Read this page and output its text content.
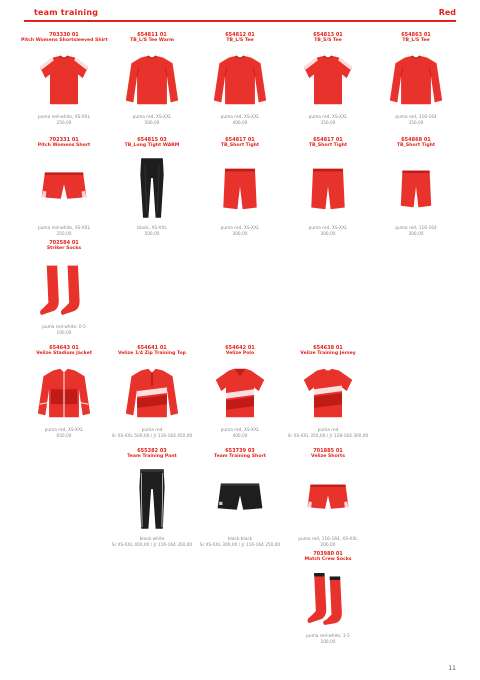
team training	Red
703330 01
Pitch Womens Shortsleeved Shirt
puma red-white, XS-XXL
250,00
654811 01
TB_L/S Tee Warm
puma red, XS-XXL
500,00
654812 01
TB_L/S Tee
puma red, XS-XXL
400,00
654813 01
TB_S/S Tee
puma red, XS-XXL
350,00
654863 01
TB_L/S Tee
puma red, 116-164
350,00
702331 01
Pitch Womens Short
puma red-white, XS-XXL
250,00
654815 03
TB_Long Tight WARM
black, XS-XXL
500,00
654817 01
TB_Short Tight
puma red, XS-XXL
300,00
654817 01
TB_Short Tight
puma red, XS-XXL
300,00
654868 01
TB_Short Tight
puma red, 116-164
300,00
702584 01
Striker Socks
puma red-white, 0-5
100,00
654643 01
Velize Stadium Jacket
puma red, XS-XXL
650,00
654641 01
Velize 1/4 Zip Training Top
puma red
Sr XS-XXL 500,00 / Jr 116-164 450,00
654642 01
Velize Polo
puma red, XS-XXL
400,00
654638 01
Velize Training Jersey
puma red
Sr XS-XXL 350,00 / Jr 128-164 300,00
655382 03
Team Training Pant
black-white
Sr XS-XXL 400,00 / Jr 116-164 350,00
653739 03
Team Training Short
black-black
Sr XS-XXL 300,00 / Jr 116-164 250,00
701885 01
Velize Shorts
puma red, 116-164, XS-XXL
200,00
703980 01
Match Crew Socks
puma red-white, 1-5
100,00
11
